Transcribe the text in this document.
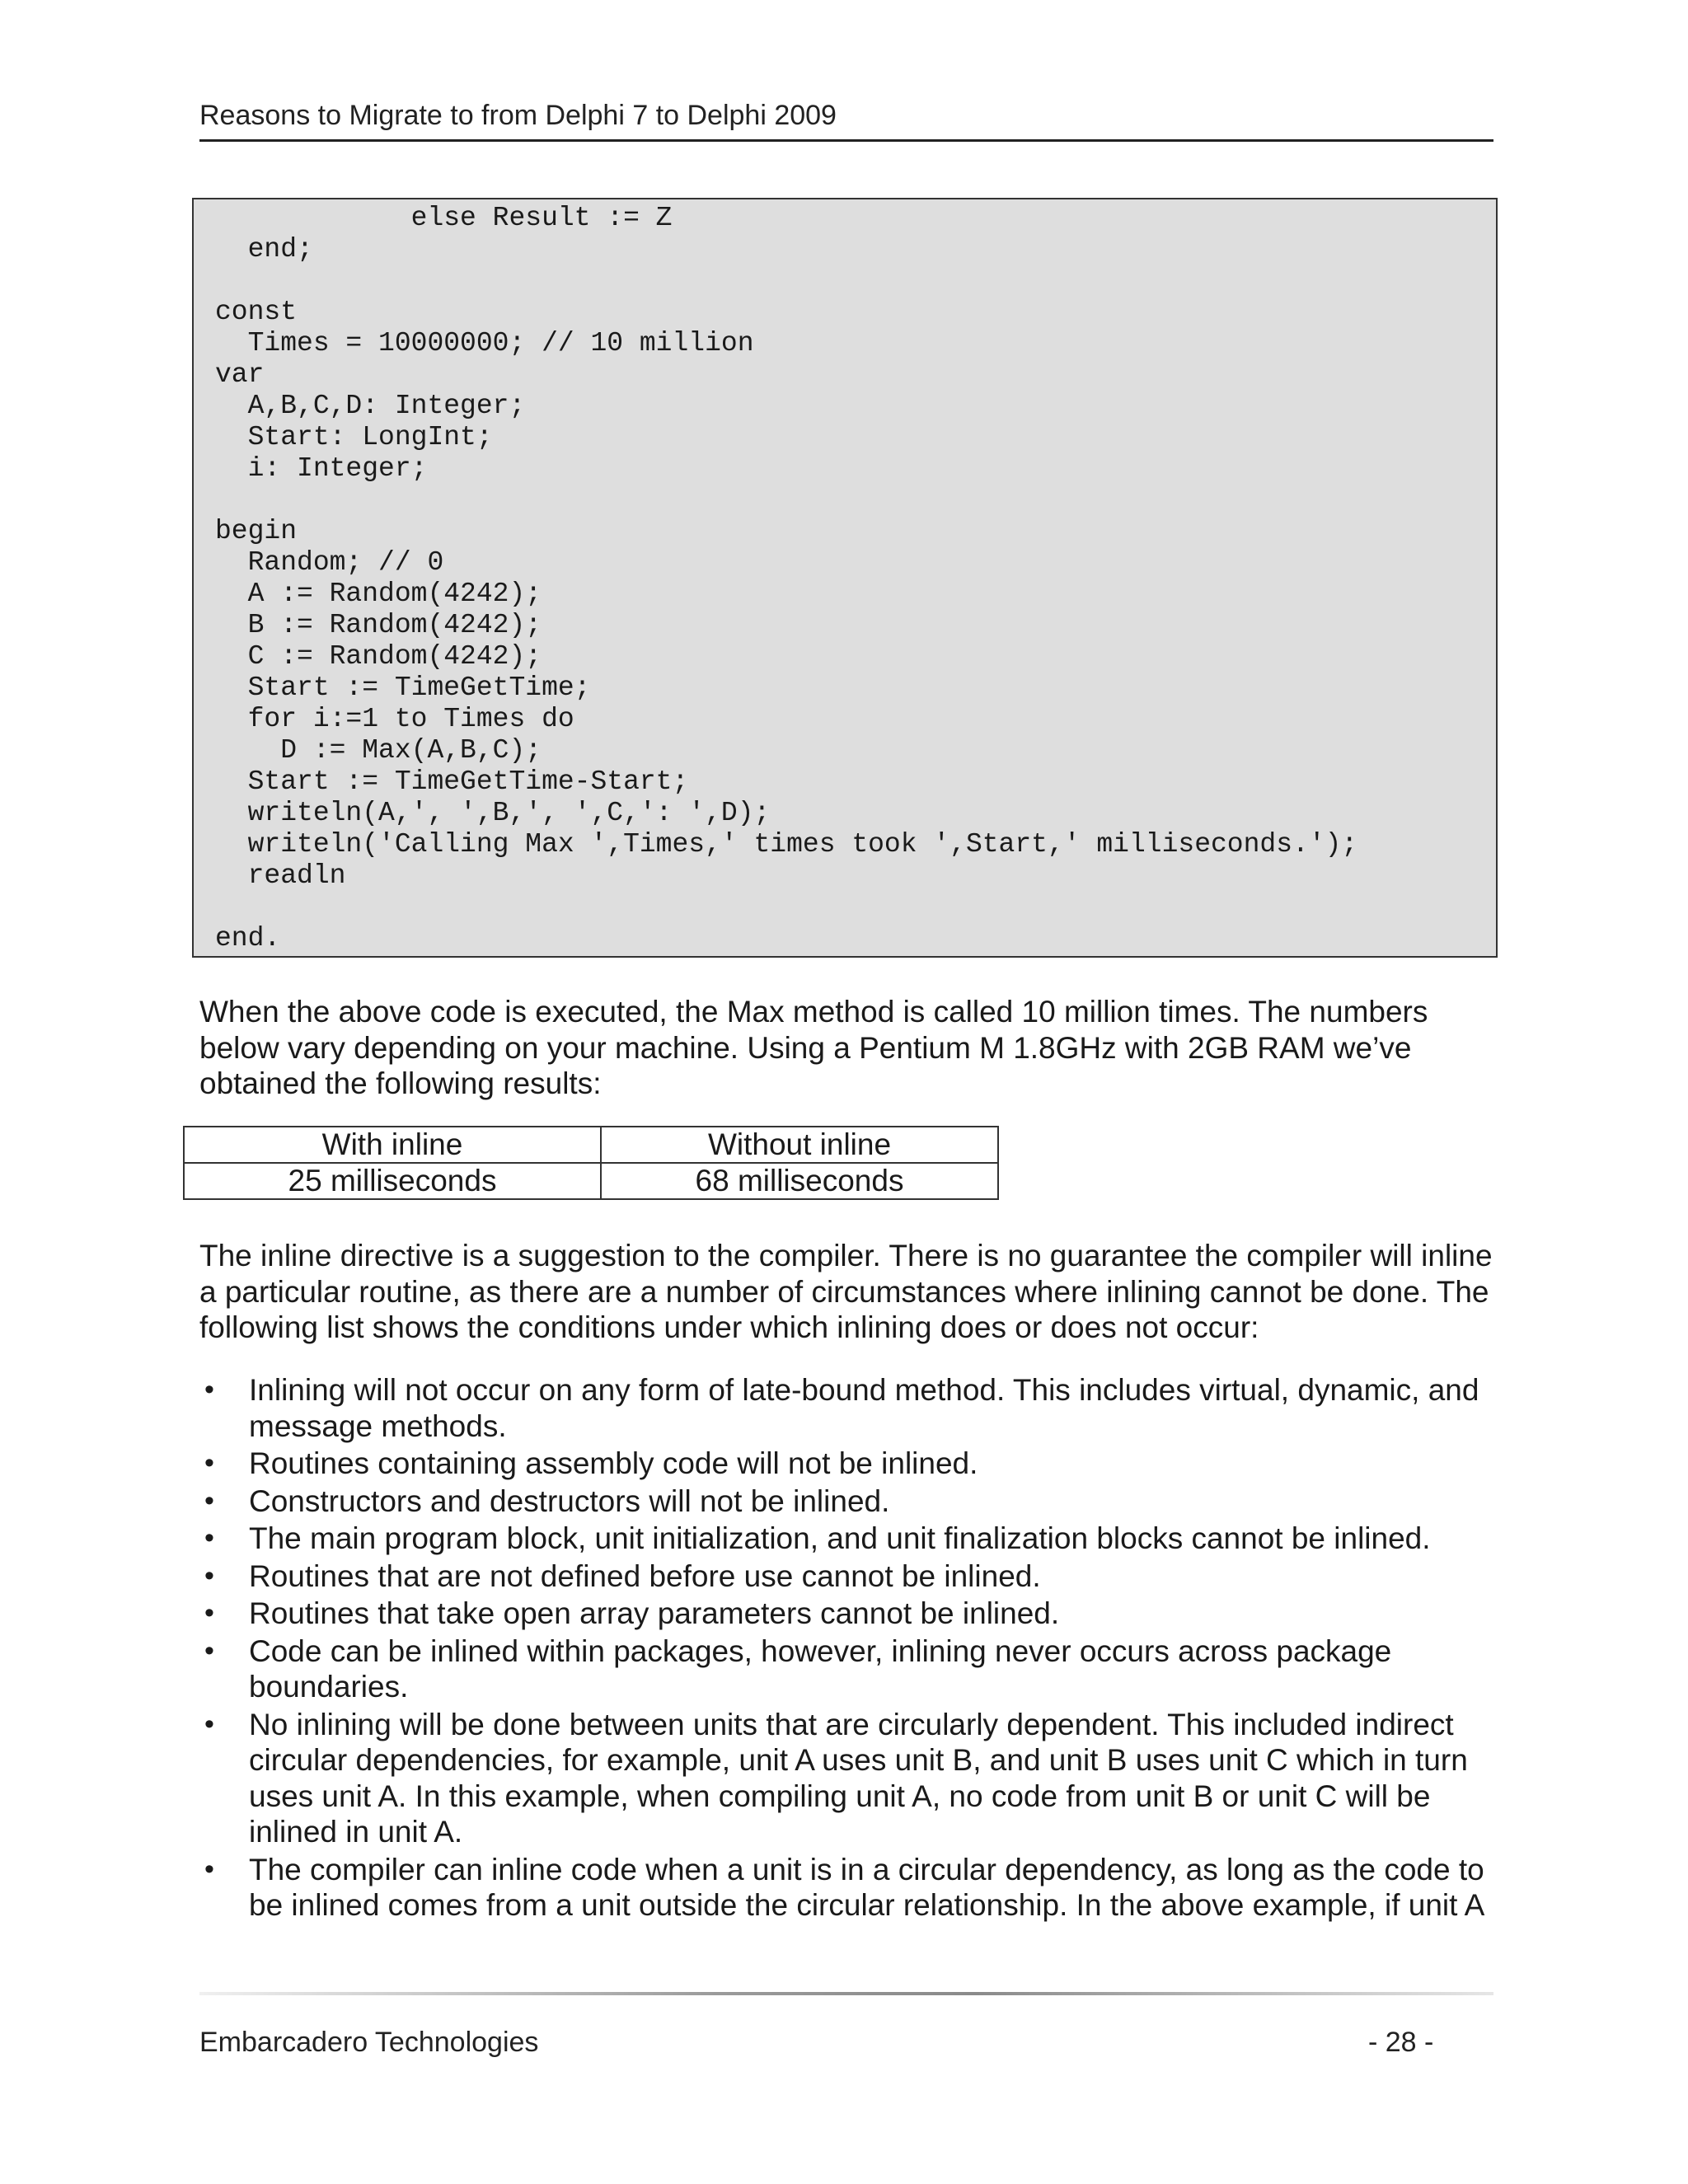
Reasons to Migrate to from Delphi 7 to Delphi 2009
else Result := Z
end;
const
Times = 10000000; // 10 million
var
A,B,C,D: Integer;
Start: LongInt;
i: Integer;
begin
Random; // 0
A := Random(4242);
B := Random(4242);
C := Random(4242);
Start := TimeGetTime;
for i:=1 to Times do
D := Max(A,B,C);
Start := TimeGetTime-Start;
writeln(A,', ',B,', ',C,': ',D);
writeln('Calling Max ',Times,' times took ',Start,' milliseconds.');
readln
end.

When the above code is executed, the Max method is called 10 million times. The numbers below vary depending on your machine. Using a Pentium M 1.8GHz with 2GB RAM we’ve obtained the following results:

With inline	Without inline
25 milliseconds	68 milliseconds

The inline directive is a suggestion to the compiler. There is no guarantee the compiler will inline a particular routine, as there are a number of circumstances where inlining cannot be done. The following list shows the conditions under which inlining does or does not occur:

•	Inlining will not occur on any form of late-bound method. This includes virtual, dynamic, and message methods.
•	Routines containing assembly code will not be inlined.
•	Constructors and destructors will not be inlined.
•	The main program block, unit initialization, and unit finalization blocks cannot be inlined.
•	Routines that are not defined before use cannot be inlined.
•	Routines that take open array parameters cannot be inlined.
•	Code can be inlined within packages, however, inlining never occurs across package boundaries.
•	No inlining will be done between units that are circularly dependent. This included indirect circular dependencies, for example, unit A uses unit B, and unit B uses unit C which in turn uses unit A. In this example, when compiling unit A, no code from unit B or unit C will be inlined in unit A.
•	The compiler can inline code when a unit is in a circular dependency, as long as the code to be inlined comes from a unit outside the circular relationship. In the above example, if unit A
Embarcadero Technologies	- 28 -
